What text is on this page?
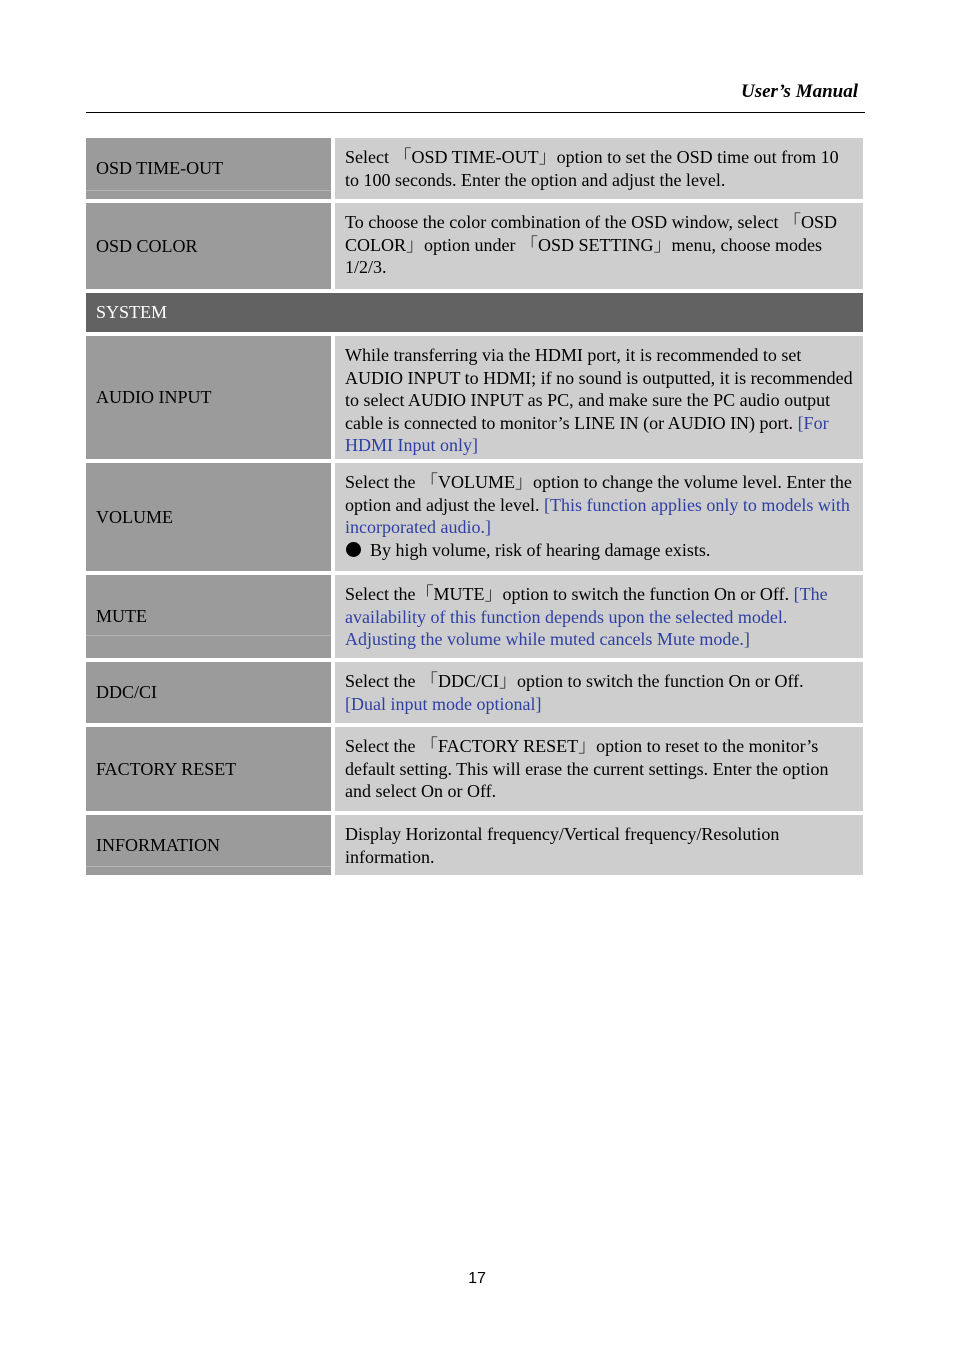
User’s Manual
OSD TIME-OUT
Select 「OSD TIME-OUT」option to set the OSD time out from 10 to 100 seconds. Enter the option and adjust the level.
OSD COLOR
To choose the color combination of the OSD window, select 「OSD COLOR」option under 「OSD SETTING」menu, choose modes 1/2/3.
SYSTEM
AUDIO INPUT
While transferring via the HDMI port, it is recommended to set AUDIO INPUT to HDMI; if no sound is outputted, it is recommended to select AUDIO INPUT as PC, and make sure the PC audio output cable is connected to monitor’s LINE IN (or AUDIO IN) port. [For HDMI Input only]
VOLUME
Select the 「VOLUME」option to change the volume level. Enter the option and adjust the level. [This function applies only to models with incorporated audio.]
By high volume, risk of hearing damage exists.
MUTE
Select the「MUTE」option to switch the function On or Off. [The availability of this function depends upon the selected model. Adjusting the volume while muted cancels Mute mode.]
DDC/CI
Select the 「DDC/CI」option to switch the function On or Off.
[Dual input mode optional]
FACTORY RESET
Select the 「FACTORY RESET」option to reset to the monitor’s default setting. This will erase the current settings. Enter the option and select On or Off.
INFORMATION
Display Horizontal frequency/Vertical frequency/Resolution information.
17
